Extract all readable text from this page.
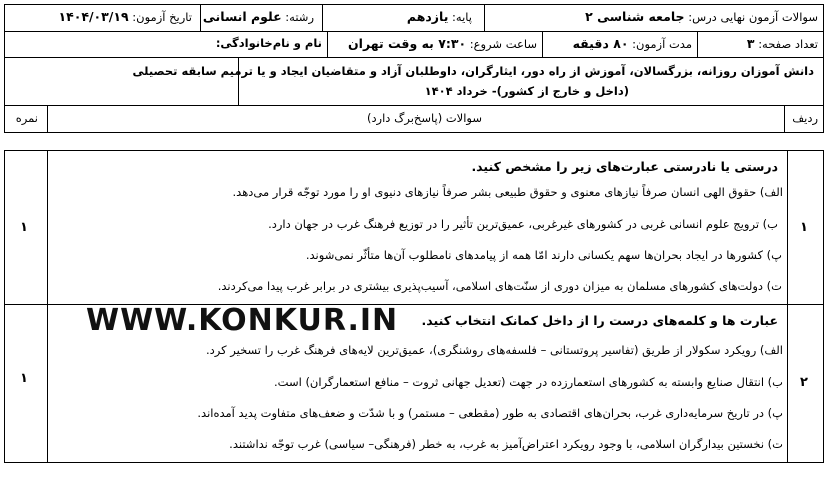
سوالات آزمون نهایی درس: جامعه شناسی ۲
پایه: یازدهم
رشته: علوم انسانی
تاریخ آزمون: ۱۴۰۴/۰۳/۱۹
تعداد صفحه: ۳
مدت آزمون: ۸۰ دقیقه
ساعت شروع: ۷:۳۰ به وقت تهران
نام و نام‌خانوادگی:
دانش آموزان روزانه، بزرگسالان، آموزش از راه دور، ایثارگران، داوطلبان آزاد و متقاضیان ایجاد و یا ترمیم سابقه تحصیلی
(داخل و خارج از کشور)- خرداد ۱۴۰۴
ردیف
سوالات (پاسخ‌برگ دارد)
نمره
۱
۱
درستی یا نادرستی عبارت‌های زیر را مشخص کنید.
الف) حقوق الهی انسان صرفاً نیازهای معنوی و حقوق طبیعی بشر صرفاً نیازهای دنیوی او را مورد توجّه قرار می‌دهد.
ب) ترویج علوم انسانی غربی در کشورهای غیرغربی، عمیق‌ترین تأثیر را در توزیع فرهنگ غرب در جهان دارد.
پ) کشورها در ایجاد بحران‌ها سهم یکسانی دارند امّا همه از پیامدهای نامطلوب آن‌ها متأثّر نمی‌شوند.
ت) دولت‌های کشورهای مسلمان به میزان دوری از سنّت‌های اسلامی، آسیب‌پذیری بیشتری در برابر غرب پیدا می‌کردند.
۲
۱
عبارت ها و کلمه‌های درست را از داخل کمانک انتخاب کنید.
الف) رویکرد سکولار از طریق (تفاسیر پروتستانی – فلسفه‌های روشنگری)، عمیق‌ترین لایه‌های فرهنگ غرب را تسخیر کرد.
ب) انتقال صنایع وابسته به کشورهای استعمارزده در جهت (تعدیل جهانی ثروت – منافع استعمارگران) است.
پ) در تاریخ سرمایه‌داری غرب، بحران‌های اقتصادی به طور (مقطعی – مستمر) و با شدّت و ضعف‌های متفاوت پدید آمده‌اند.
ت) نخستین بیدارگران اسلامی، با وجود رویکرد اعتراض‌آمیز به غرب، به خطر (فرهنگی– سیاسی) غرب توجّه نداشتند.
WWW.KONKUR.IN
